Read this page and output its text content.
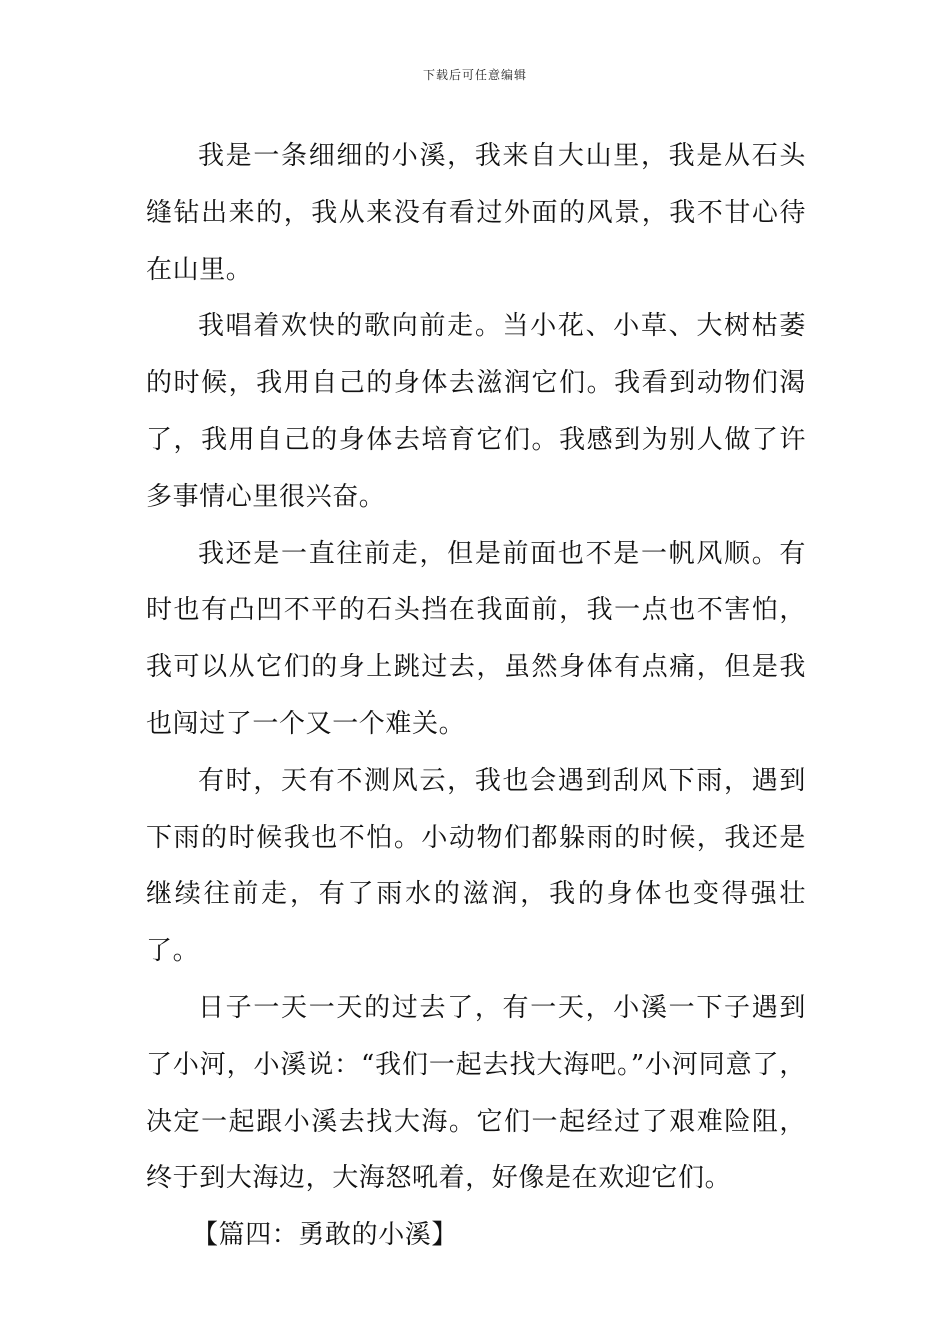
下载后可任意编辑

我是一条细细的小溪，我来自大山里，我是从石头缝钻出来的，我从来没有看过外面的风景，我不甘心待在山里。

我唱着欢快的歌向前走。当小花、小草、大树枯萎的时候，我用自己的身体去滋润它们。我看到动物们渴了，我用自己的身体去培育它们。我感到为别人做了许多事情心里很兴奋。

我还是一直往前走，但是前面也不是一帆风顺。有时也有凸凹不平的石头挡在我面前，我一点也不害怕，我可以从它们的身上跳过去，虽然身体有点痛，但是我也闯过了一个又一个难关。

有时，天有不测风云，我也会遇到刮风下雨，遇到下雨的时候我也不怕。小动物们都躲雨的时候，我还是继续往前走，有了雨水的滋润，我的身体也变得强壮了。

日子一天一天的过去了，有一天，小溪一下子遇到了小河，小溪说：“我们一起去找大海吧。”小河同意了，决定一起跟小溪去找大海。它们一起经过了艰难险阻，终于到大海边，大海怒吼着，好像是在欢迎它们。

【篇四：勇敢的小溪】
